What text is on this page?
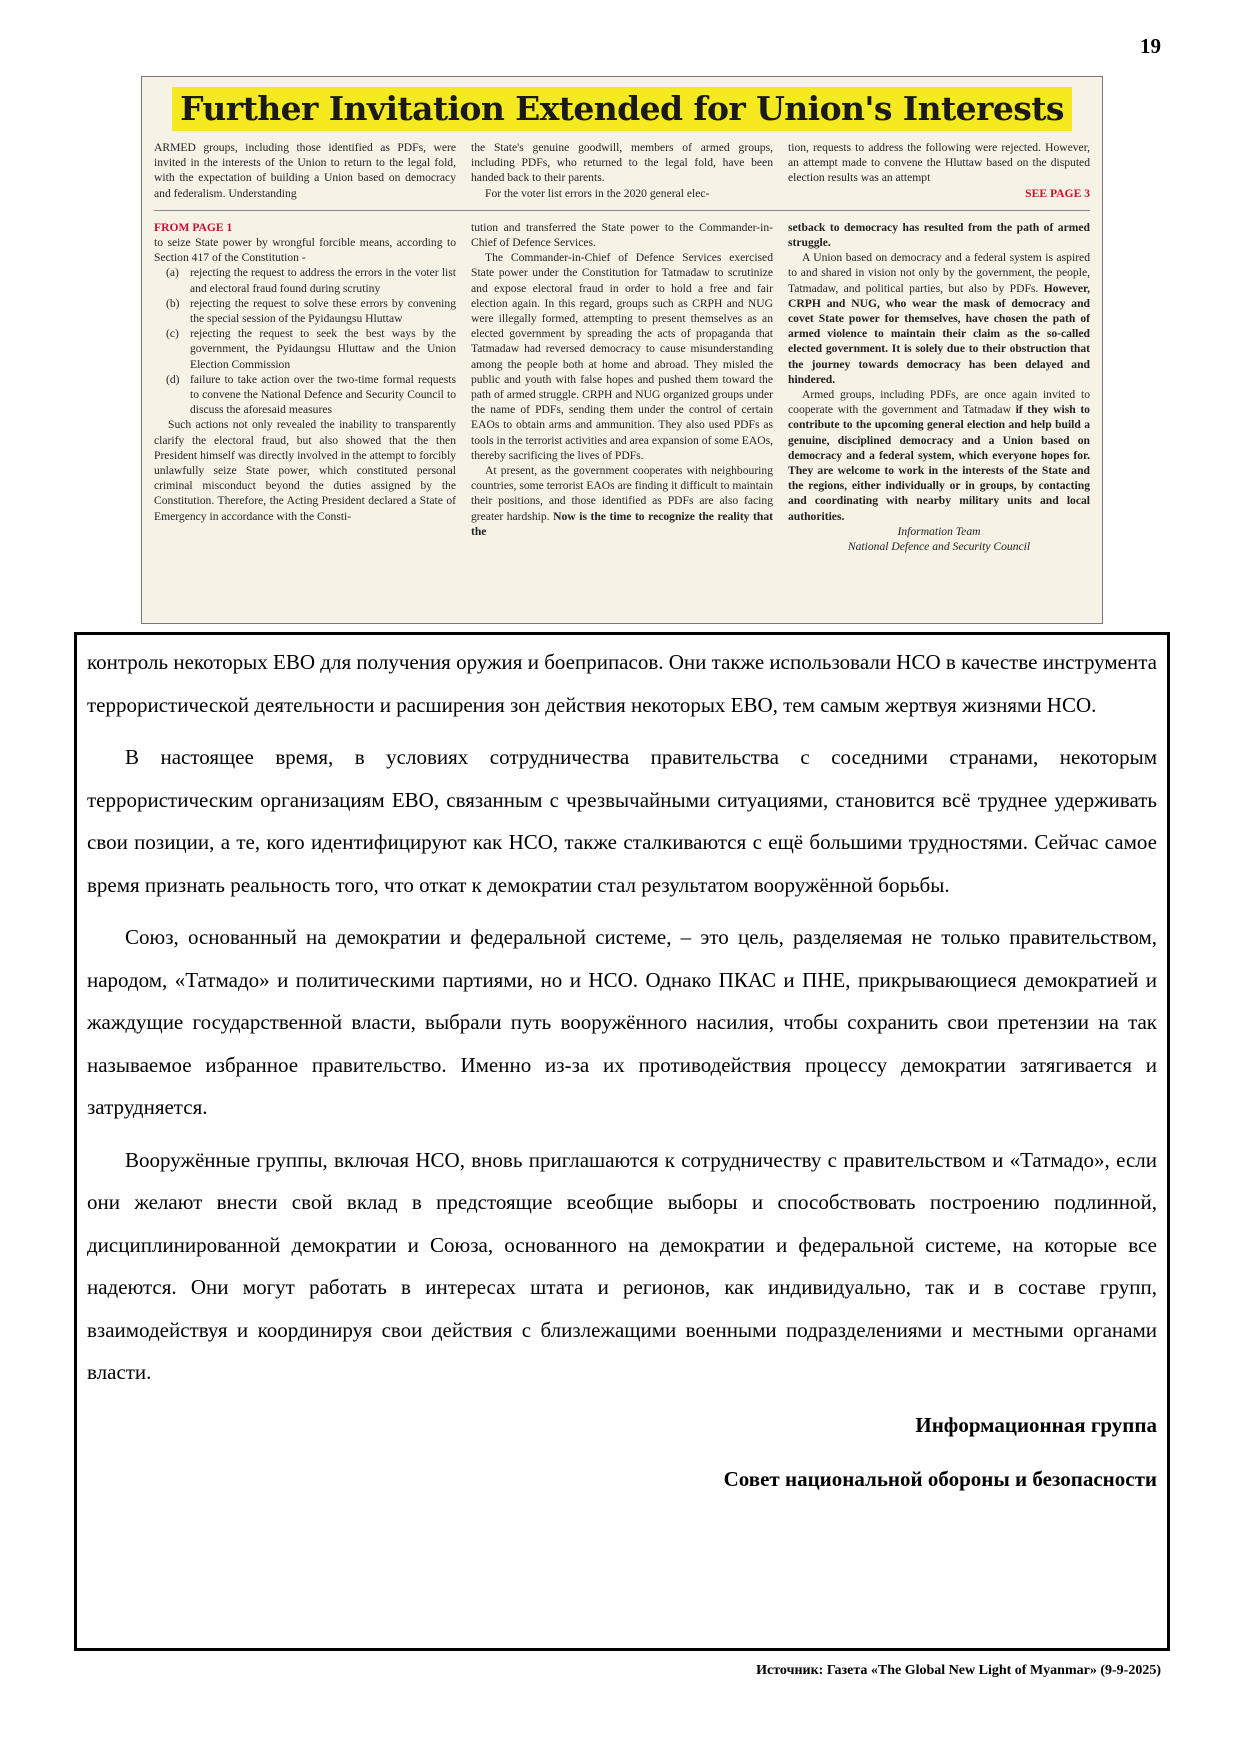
19
Further Invitation Extended for Union's Interests

ARMED groups, including those identified as PDFs, were invited in the interests of the Union to return to the legal fold, with the expectation of building a Union based on democracy and federalism. Understanding

the State's genuine goodwill, members of armed groups, including PDFs, who returned to the legal fold, have been handed back to their parents.

For the voter list errors in the 2020 general elec-

tion, requests to address the following were rejected. However, an attempt made to convene the Hluttaw based on the disputed election results was an attempt

SEE PAGE 3

FROM PAGE 1

to seize State power by wrongful forcible means, according to Section 417 of the Constitution -

(a) rejecting the request to address the errors in the voter list and electoral fraud found during scrutiny
(b) rejecting the request to solve these errors by convening the special session of the Pyidaungsu Hluttaw
(c) rejecting the request to seek the best ways by the government, the Pyidaungsu Hluttaw and the Union Election Commission
(d) failure to take action over the two-time formal requests to convene the National Defence and Security Council to discuss the aforesaid measures

Such actions not only revealed the inability to transparently clarify the electoral fraud, but also showed that the then President himself was directly involved in the attempt to forcibly unlawfully seize State power, which constituted personal criminal misconduct beyond the duties assigned by the Constitution. Therefore, the Acting President declared a State of Emergency in accordance with the Consti-

tution and transferred the State power to the Commander-in-Chief of Defence Services.

The Commander-in-Chief of Defence Services exercised State power under the Constitution for Tatmadaw to scrutinize and expose electoral fraud in order to hold a free and fair election again. In this regard, groups such as CRPH and NUG were illegally formed, attempting to present themselves as an elected government by spreading the acts of propaganda that Tatmadaw had reversed democracy to cause misunderstanding among the people both at home and abroad. They misled the public and youth with false hopes and pushed them toward the path of armed struggle. CRPH and NUG organized groups under the name of PDFs, sending them under the control of certain EAOs to obtain arms and ammunition. They also used PDFs as tools in the terrorist activities and area expansion of some EAOs, thereby sacrificing the lives of PDFs.

At present, as the government cooperates with neighbouring countries, some terrorist EAOs are finding it difficult to maintain their positions, and those identified as PDFs are also facing greater hardship. Now is the time to recognize the reality that the

setback to democracy has resulted from the path of armed struggle.

A Union based on democracy and a federal system is aspired to and shared in vision not only by the government, the people, Tatmadaw, and political parties, but also by PDFs. However, CRPH and NUG, who wear the mask of democracy and covet State power for themselves, have chosen the path of armed violence to maintain their claim as the so-called elected government. It is solely due to their obstruction that the journey towards democracy has been delayed and hindered.

Armed groups, including PDFs, are once again invited to cooperate with the government and Tatmadaw if they wish to contribute to the upcoming general election and help build a genuine, disciplined democracy and a Union based on democracy and a federal system, which everyone hopes for. They are welcome to work in the interests of the State and the regions, either individually or in groups, by contacting and coordinating with nearby military units and local authorities.

Information Team

National Defence and Security Council

контроль некоторых ЕВО для получения оружия и боеприпасов. Они также использовали НСО в качестве инструмента террористической деятельности и расширения зон действия некоторых ЕВО, тем самым жертвуя жизнями НСО.

В настоящее время, в условиях сотрудничества правительства с соседними странами, некоторым террористическим организациям ЕВО, связанным с чрезвычайными ситуациями, становится всё труднее удерживать свои позиции, а те, кого идентифицируют как НСО, также сталкиваются с ещё большими трудностями. Сейчас самое время признать реальность того, что откат к демократии стал результатом вооружённой борьбы.

Союз, основанный на демократии и федеральной системе, – это цель, разделяемая не только правительством, народом, «Татмадо» и политическими партиями, но и НСО. Однако ПКАС и ПНЕ, прикрывающиеся демократией и жаждущие государственной власти, выбрали путь вооружённого насилия, чтобы сохранить свои претензии на так называемое избранное правительство. Именно из-за их противодействия процессу демократии затягивается и затрудняется.

Вооружённые группы, включая НСО, вновь приглашаются к сотрудничеству с правительством и «Татмадо», если они желают внести свой вклад в предстоящие всеобщие выборы и способствовать построению подлинной, дисциплинированной демократии и Союза, основанного на демократии и федеральной системе, на которые все надеются. Они могут работать в интересах штата и регионов, как индивидуально, так и в составе групп, взаимодействуя и координируя свои действия с близлежащими военными подразделениями и местными органами власти.

Информационная группа

Совет национальной обороны и безопасности

Источник: Газета «The Global New Light of Myanmar» (9-9-2025)
